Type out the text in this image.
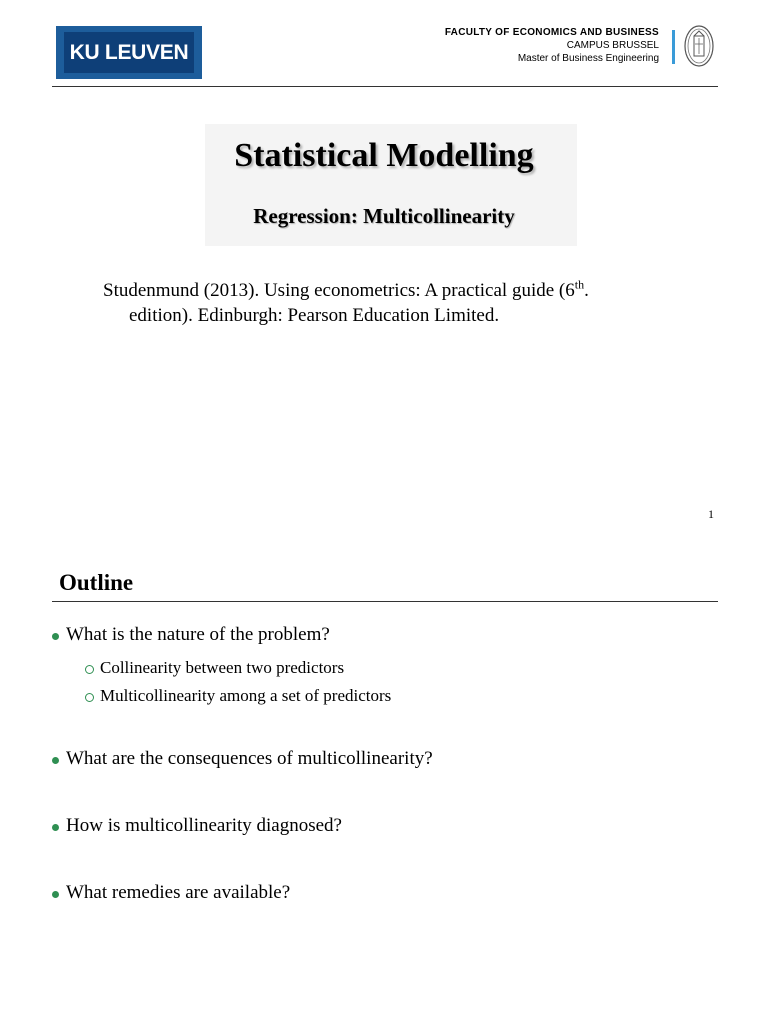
KU LEUVEN
FACULTY OF ECONOMICS AND BUSINESS
CAMPUS BRUSSEL
Master of Business Engineering
Statistical Modelling
Regression: Multicollinearity
Studenmund (2013). Using econometrics: A practical guide (6th.
edition). Edinburgh: Pearson Education Limited.
1
Outline
What is the nature of the problem?
Collinearity between two predictors
Multicollinearity among a set of predictors
What are the consequences of multicollinearity?
How is multicollinearity diagnosed?
What remedies are available?
